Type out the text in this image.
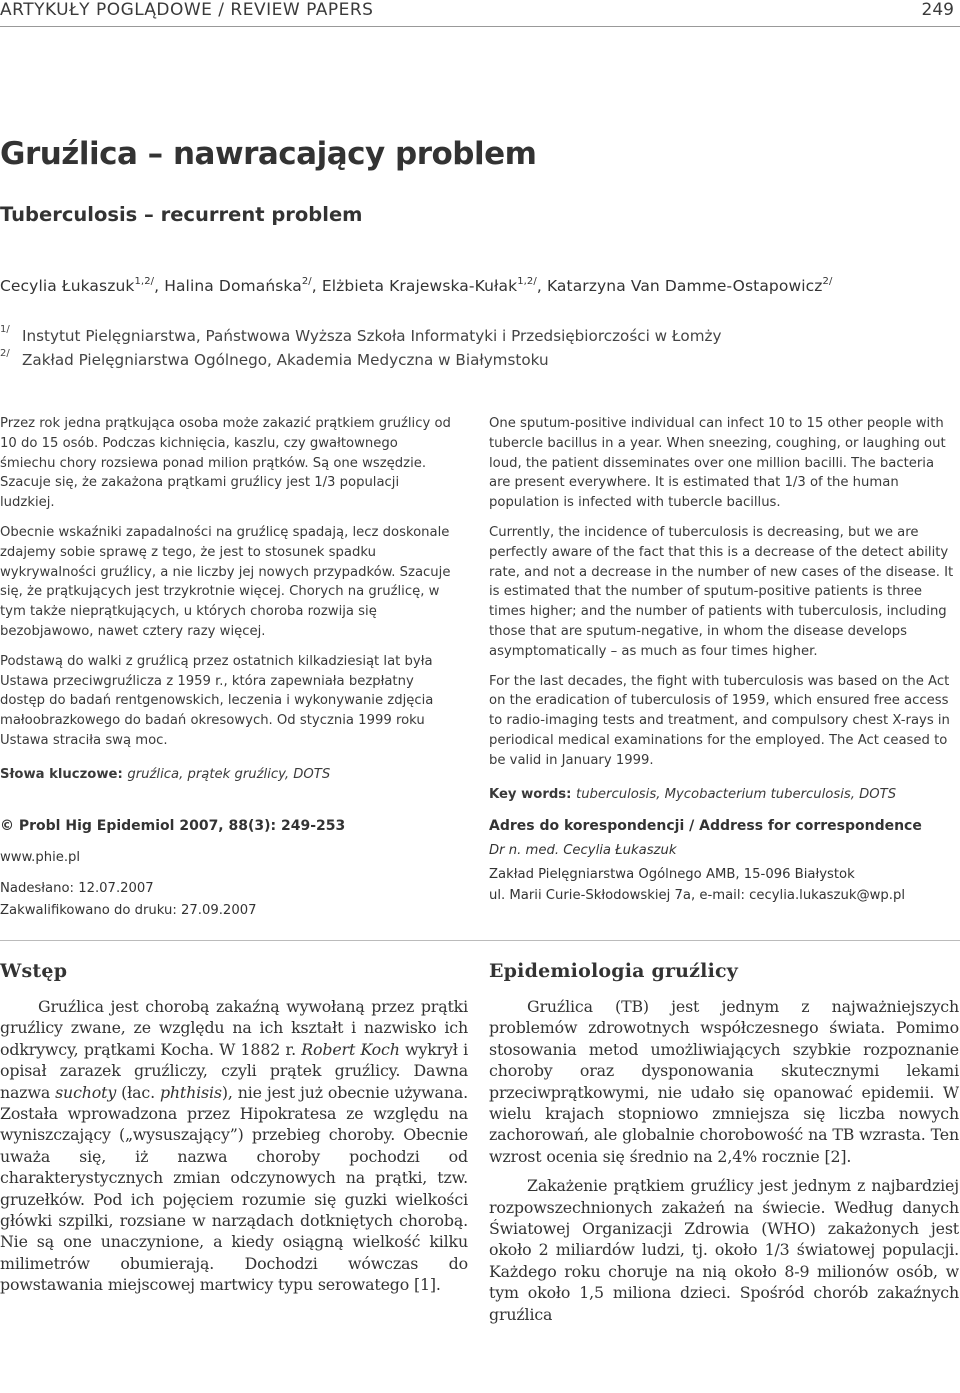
ARTYKUŁY POGLĄDOWE / REVIEW PAPERS	249
Gruźlica – nawracający problem
Tuberculosis – recurrent problem
Cecylia Łukaszuk$^{1,2/}$, Halina Domańska$^{2/}$, Elżbieta Krajewska-Kułak$^{1,2/}$, Katarzyna Van Damme-Ostapowicz$^{2/}$
1/ Instytut Pielęgniarstwa, Państwowa Wyższa Szkoła Informatyki i Przedsiębiorczości w Łomży
2/ Zakład Pielęgniarstwa Ogólnego, Akademia Medyczna w Białymstoku

Przez rok jedna prątkująca osoba może zakazić prątkiem gruźlicy od 10 do 15 osób. Podczas kichnięcia, kaszlu, czy gwałtownego śmiechu chory rozsiewa ponad milion prątków. Są one wszędzie. Szacuje się, że zakażona prątkami gruźlicy jest 1/3 populacji ludzkiej.

Obecnie wskaźniki zapadalności na gruźlicę spadają, lecz doskonale zdajemy sobie sprawę z tego, że jest to stosunek spadku wykrywalności gruźlicy, a nie liczby jej nowych przypadków. Szacuje się, że prątkujących jest trzykrotnie więcej. Chorych na gruźlicę, w tym także nieprątkujących, u których choroba rozwija się bezobjawowo, nawet cztery razy więcej.

Podstawą do walki z gruźlicą przez ostatnich kilkadziesiąt lat była Ustawa przeciwgruźlicza z 1959 r., która zapewniała bezpłatny dostęp do badań rentgenowskich, leczenia i wykonywanie zdjęcia małoobrazkowego do badań okresowych. Od stycznia 1999 roku Ustawa straciła swą moc.

Słowa kluczowe: gruźlica, prątek gruźlicy, DOTS

One sputum-positive individual can infect 10 to 15 other people with tubercle bacillus in a year. When sneezing, coughing, or laughing out loud, the patient disseminates over one million bacilli. The bacteria are present everywhere. It is estimated that 1/3 of the human population is infected with tubercle bacillus.

Currently, the incidence of tuberculosis is decreasing, but we are perfectly aware of the fact that this is a decrease of the detect ability rate, and not a decrease in the number of new cases of the disease. It is estimated that the number of sputum-positive patients is three times higher; and the number of patients with tuberculosis, including those that are sputum-negative, in whom the disease develops asymptomatically – as much as four times higher.

For the last decades, the fight with tuberculosis was based on the Act on the eradication of tuberculosis of 1959, which ensured free access to radio-imaging tests and treatment, and compulsory chest X-rays in periodical medical examinations for the employed. The Act ceased to be valid in January 1999.

Key words: tuberculosis, Mycobacterium tuberculosis, DOTS
© Probl Hig Epidemiol 2007, 88(3): 249-253
www.phie.pl
Nadesłano: 12.07.2007
Zakwalifikowano do druku: 27.09.2007
Adres do korespondencji / Address for correspondence
Dr n. med. Cecylia Łukaszuk
Zakład Pielęgniarstwa Ogólnego AMB, 15-096 Białystok
ul. Marii Curie-Skłodowskiej 7a, e-mail: cecylia.lukaszuk@wp.pl
Wstęp

Gruźlica jest chorobą zakaźną wywołaną przez prątki gruźlicy zwane, ze względu na ich kształt i nazwisko ich odkrywcy, prątkami Kocha. W 1882 r. Robert Koch wykrył i opisał zarazek gruźliczy, czyli prątek gruźlicy. Dawna nazwa suchoty (łac. phthisis), nie jest już obecnie używana. Została wprowadzona przez Hipokratesa ze względu na wyniszczający („wysuszający”) przebieg choroby. Obecnie uważa się, iż nazwa choroby pochodzi od charakterystycznych zmian odczynowych na prątki, tzw. gruzełków. Pod ich pojęciem rozumie się guzki wielkości główki szpilki, rozsiane w narządach dotkniętych chorobą. Nie są one unaczynione, a kiedy osiągną wielkość kilku milimetrów obumierają. Dochodzi wówczas do powstawania miejscowej martwicy typu serowatego [1].

Epidemiologia gruźlicy

Gruźlica (TB) jest jednym z najważniejszych problemów zdrowotnych współczesnego świata. Pomimo stosowania metod umożliwiających szybkie rozpoznanie choroby oraz dysponowania skutecznymi lekami przeciwprątkowymi, nie udało się opanować epidemii. W wielu krajach stopniowo zmniejsza się liczba nowych zachorowań, ale globalnie chorobowość na TB wzrasta. Ten wzrost ocenia się średnio na 2,4% rocznie [2].

Zakażenie prątkiem gruźlicy jest jednym z najbardziej rozpowszechnionych zakażeń na świecie. Według danych Światowej Organizacji Zdrowia (WHO) zakażonych jest około 2 miliardów ludzi, tj. około 1/3 światowej populacji. Każdego roku choruje na nią około 8-9 milionów osób, w tym około 1,5 miliona dzieci. Spośród chorób zakaźnych gruźlica
